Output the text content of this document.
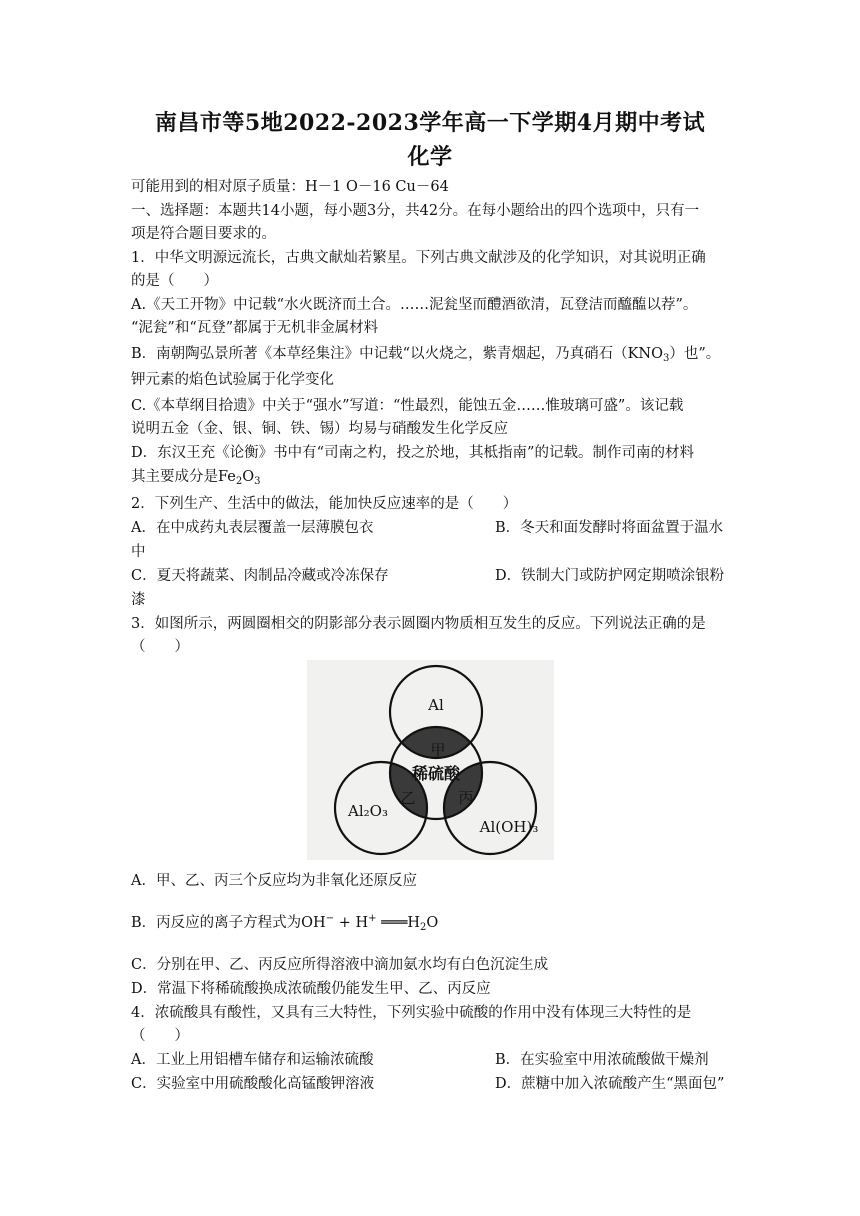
南昌市等5地2022-2023学年高一下学期4月期中考试
化学
可能用到的相对原子质量：H－1 O－16 Cu－64
一、选择题：本题共14小题，每小题3分，共42分。在每小题给出的四个选项中，只有一
项是符合题目要求的。
1．中华文明源远流长，古典文献灿若繁星。下列古典文献涉及的化学知识，对其说明正确
的是（　　）
A.《天工开物》中记载“水火既济而土合。……泥瓮坚而醴酒欲清，瓦登洁而醯醢以荐”。
“泥瓮”和“瓦登”都属于无机非金属材料
B．南朝陶弘景所著《本草经集注》中记载“以火烧之，紫青烟起，乃真硝石$(KNO_3)$也”。
钾元素的焰色试验属于化学变化
C.《本草纲目拾遗》中关于“强水”写道：“性最烈，能蚀五金……惟玻璃可盛”。该记载
说明五金（金、银、铜、铁、锡）均易与硝酸发生化学反应
D．东汉王充《论衡》书中有“司南之杓，投之於地，其柢指南”的记载。制作司南的材料
其主要成分是$Fe_2O_3$
2．下列生产、生活中的做法，能加快反应速率的是（　　）
A．在中成药丸表层覆盖一层薄膜包衣	B．冬天和面发酵时将面盆置于温水
中
C．夏天将蔬菜、肉制品冷藏或冷冻保存	D．铁制大门或防护网定期喷涂银粉
漆
3．如图所示，两圆圈相交的阴影部分表示圆圈内物质相互发生的反应。下列说法正确的是
（　　）
Al
甲
稀硫酸
乙	丙
Al₂O₃
Al(OH)₃
A．甲、乙、丙三个反应均为非氧化还原反应
B．丙反应的离子方程式为OH− + H+ $═══H_2O$
C．分别在甲、乙、丙反应所得溶液中滴加氨水均有白色沉淀生成
D．常温下将稀硫酸换成浓硫酸仍能发生甲、乙、丙反应
4．浓硫酸具有酸性，又具有三大特性，下列实验中硫酸的作用中没有体现三大特性的是
（　　）
A．工业上用铝槽车储存和运输浓硫酸	B．在实验室中用浓硫酸做干燥剂
C．实验室中用硫酸酸化高锰酸钾溶液	D．蔗糖中加入浓硫酸产生“黑面包”
